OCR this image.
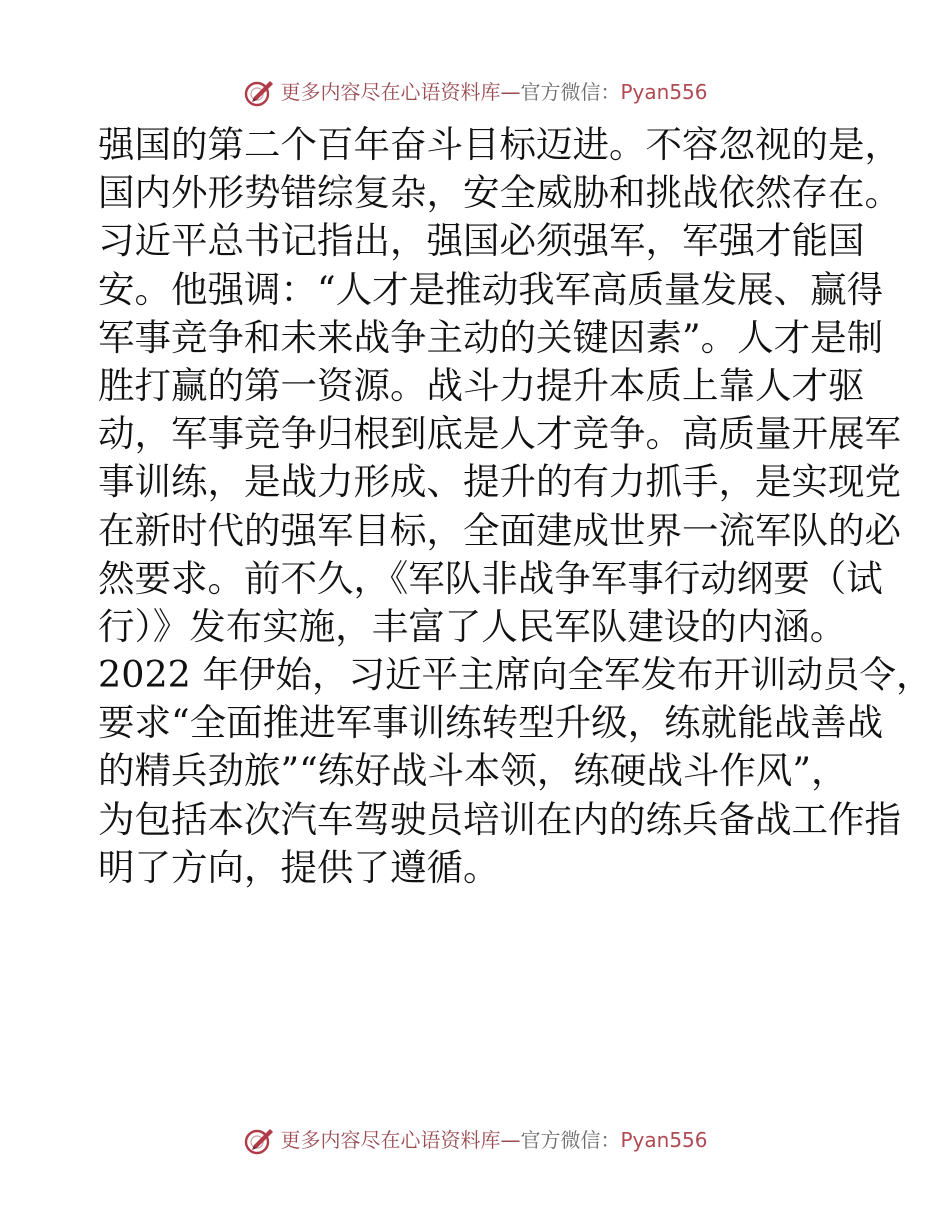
更多内容尽在心语资料库 — 官方微信： Pyan556
强国的第二个百年奋斗目标迈进。不容忽视的是，
国内外形势错综复杂，安全威胁和挑战依然存在。
习近平总书记指出，强国必须强军，军强才能国
安。他强调：“人才是推动我军高质量发展、赢得
军事竞争和未来战争主动的关键因素”。人才是制
胜打赢的第一资源。战斗力提升本质上靠人才驱
动，军事竞争归根到底是人才竞争。高质量开展军
事训练，是战力形成、提升的有力抓手，是实现党
在新时代的强军目标，全面建成世界一流军队的必
然要求。前不久，《军队非战争军事行动纲要（试
行）》发布实施，丰富了人民军队建设的内涵。
2022 年伊始，习近平主席向全军发布开训动员令，
要求“全面推进军事训练转型升级，练就能战善战
的精兵劲旅”“练好战斗本领，练硬战斗作风”，
为包括本次汽车驾驶员培训在内的练兵备战工作指
明了方向，提供了遵循。
更多内容尽在心语资料库 — 官方微信： Pyan556
